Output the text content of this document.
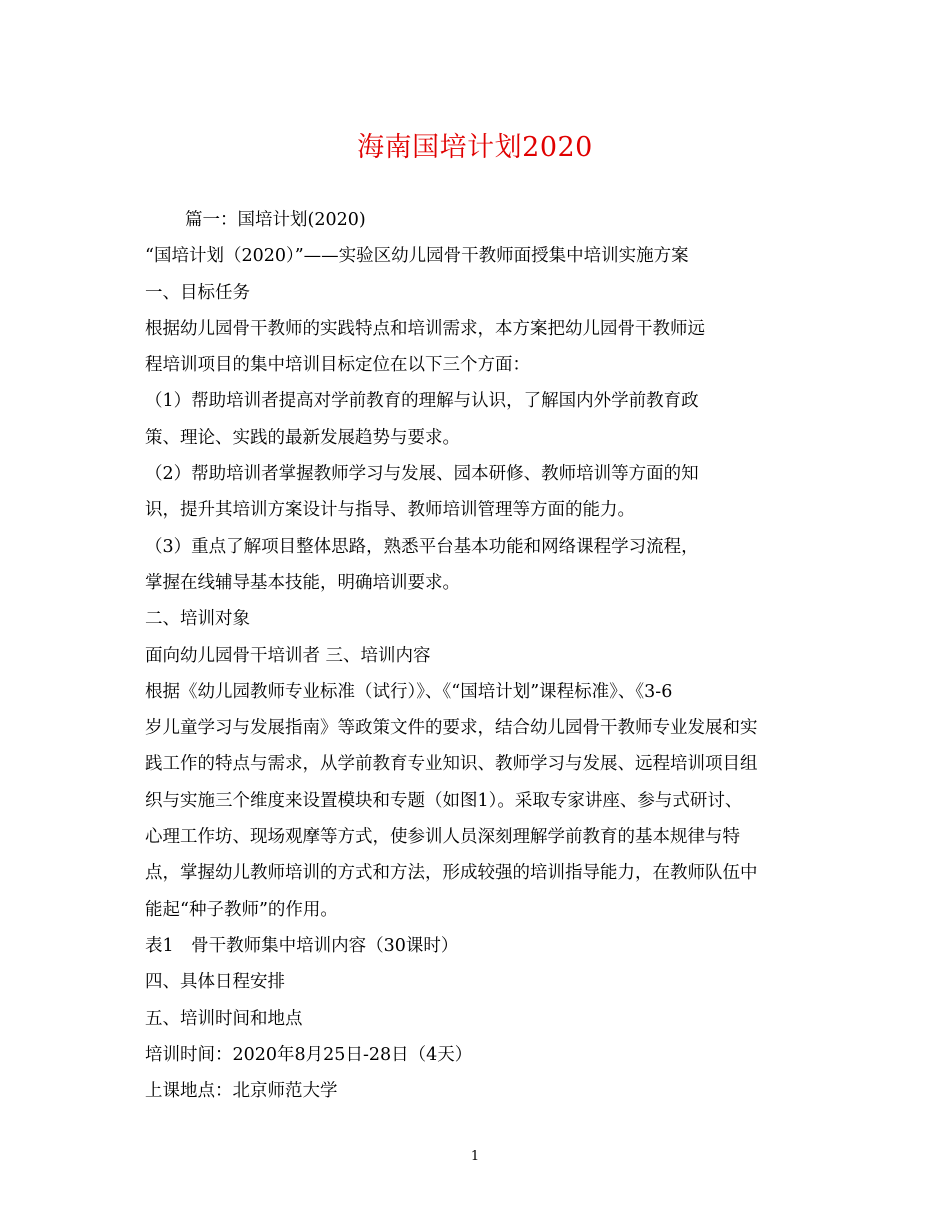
海南国培计划2020

篇一：国培计划(2020)

“国培计划（2020）”——实验区幼儿园骨干教师面授集中培训实施方案

一、目标任务

根据幼儿园骨干教师的实践特点和培训需求，本方案把幼儿园骨干教师远

程培训项目的集中培训目标定位在以下三个方面：

（1）帮助培训者提高对学前教育的理解与认识，了解国内外学前教育政

策、理论、实践的最新发展趋势与要求。

（2）帮助培训者掌握教师学习与发展、园本研修、教师培训等方面的知

识，提升其培训方案设计与指导、教师培训管理等方面的能力。

（3）重点了解项目整体思路，熟悉平台基本功能和网络课程学习流程，

掌握在线辅导基本技能，明确培训要求。

二、培训对象

面向幼儿园骨干培训者 三、培训内容

根据《幼儿园教师专业标准（试行）》、《“国培计划”课程标准》、《3-6

岁儿童学习与发展指南》等政策文件的要求，结合幼儿园骨干教师专业发展和实

践工作的特点与需求，从学前教育专业知识、教师学习与发展、远程培训项目组

织与实施三个维度来设置模块和专题（如图1）。采取专家讲座、参与式研讨、

心理工作坊、现场观摩等方式，使参训人员深刻理解学前教育的基本规律与特

点，掌握幼儿教师培训的方式和方法，形成较强的培训指导能力，在教师队伍中

能起“种子教师”的作用。

表1　骨干教师集中培训内容（30课时）

四、具体日程安排

五、培训时间和地点

培训时间：2020年8月25日-28日（4天）

上课地点：北京师范大学

1
